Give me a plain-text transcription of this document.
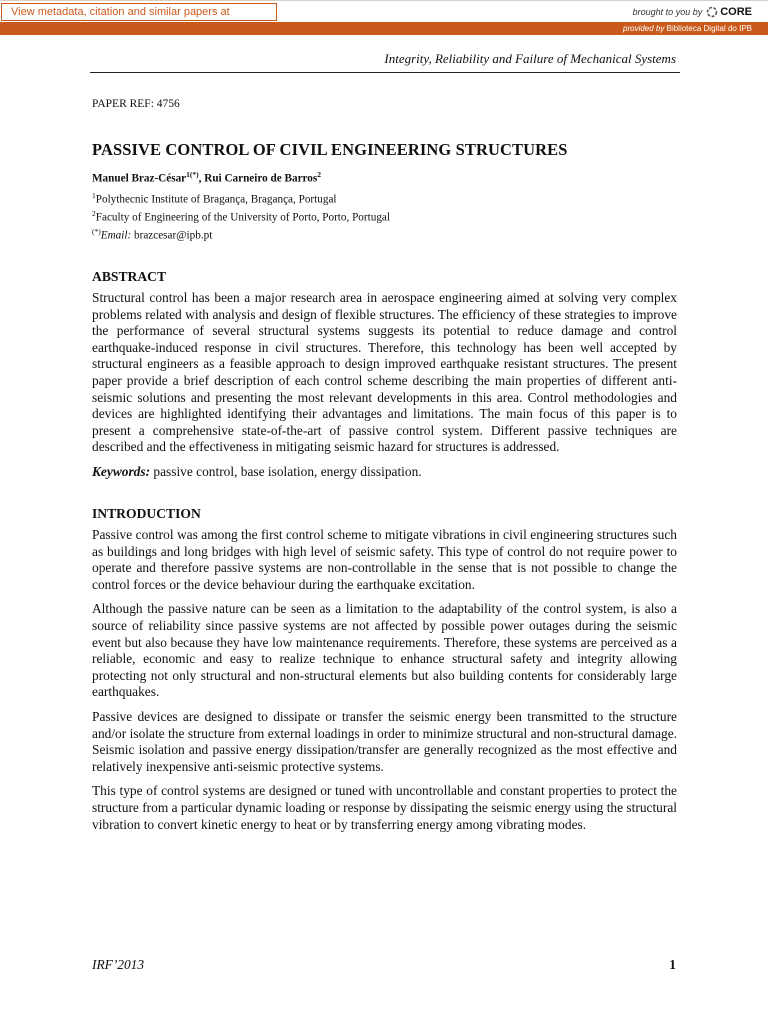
View metadata, citation and similar papers at	brought to you by CORE
provided by Biblioteca Digital do IPB
Integrity, Reliability and Failure of Mechanical Systems

PAPER REF: 4756

PASSIVE CONTROL OF CIVIL ENGINEERING STRUCTURES

Manuel Braz-César$^{1(*)}$, Rui Carneiro de Barros$^2$

$^1$Polythecnic Institute of Bragança, Bragança, Portugal

$^2$Faculty of Engineering of the University of Porto, Porto, Portugal

(*)Email: brazcesar@ipb.pt

ABSTRACT

Structural control has been a major research area in aerospace engineering aimed at solving very complex problems related with analysis and design of flexible structures. The efficiency of these strategies to improve the performance of several structural systems suggests its potential to reduce damage and control earthquake-induced response in civil structures. Therefore, this technology has been well accepted by structural engineers as a feasible approach to design improved earthquake resistant structures. The present paper provide a brief description of each control scheme describing the main properties of different anti-seismic solutions and presenting the most relevant developments in this area. Control methodologies and devices are highlighted identifying their advantages and limitations. The main focus of this paper is to present a comprehensive state-of-the-art of passive control system. Different passive techniques are described and the effectiveness in mitigating seismic hazard for structures is addressed.

Keywords: passive control, base isolation, energy dissipation.

INTRODUCTION

Passive control was among the first control scheme to mitigate vibrations in civil engineering structures such as buildings and long bridges with high level of seismic safety. This type of control do not require power to operate and therefore passive systems are non-controllable in the sense that is not possible to change the control forces or the device behaviour during the earthquake excitation.

Although the passive nature can be seen as a limitation to the adaptability of the control system, is also a source of reliability since passive systems are not affected by possible power outages during the seismic event but also because they have low maintenance requirements. Therefore, these systems are perceived as a reliable, economic and easy to realize technique to enhance structural safety and integrity allowing protecting not only structural and non-structural elements but also building contents for considerably large earthquakes.

Passive devices are designed to dissipate or transfer the seismic energy been transmitted to the structure and/or isolate the structure from external loadings in order to minimize structural and non-structural damage. Seismic isolation and passive energy dissipation/transfer are generally recognized as the most effective and relatively inexpensive anti-seismic protective systems.

This type of control systems are designed or tuned with uncontrollable and constant properties to protect the structure from a particular dynamic loading or response by dissipating the seismic energy using the structural vibration to convert kinetic energy to heat or by transferring energy among vibrating modes.

IRF’2013	1
